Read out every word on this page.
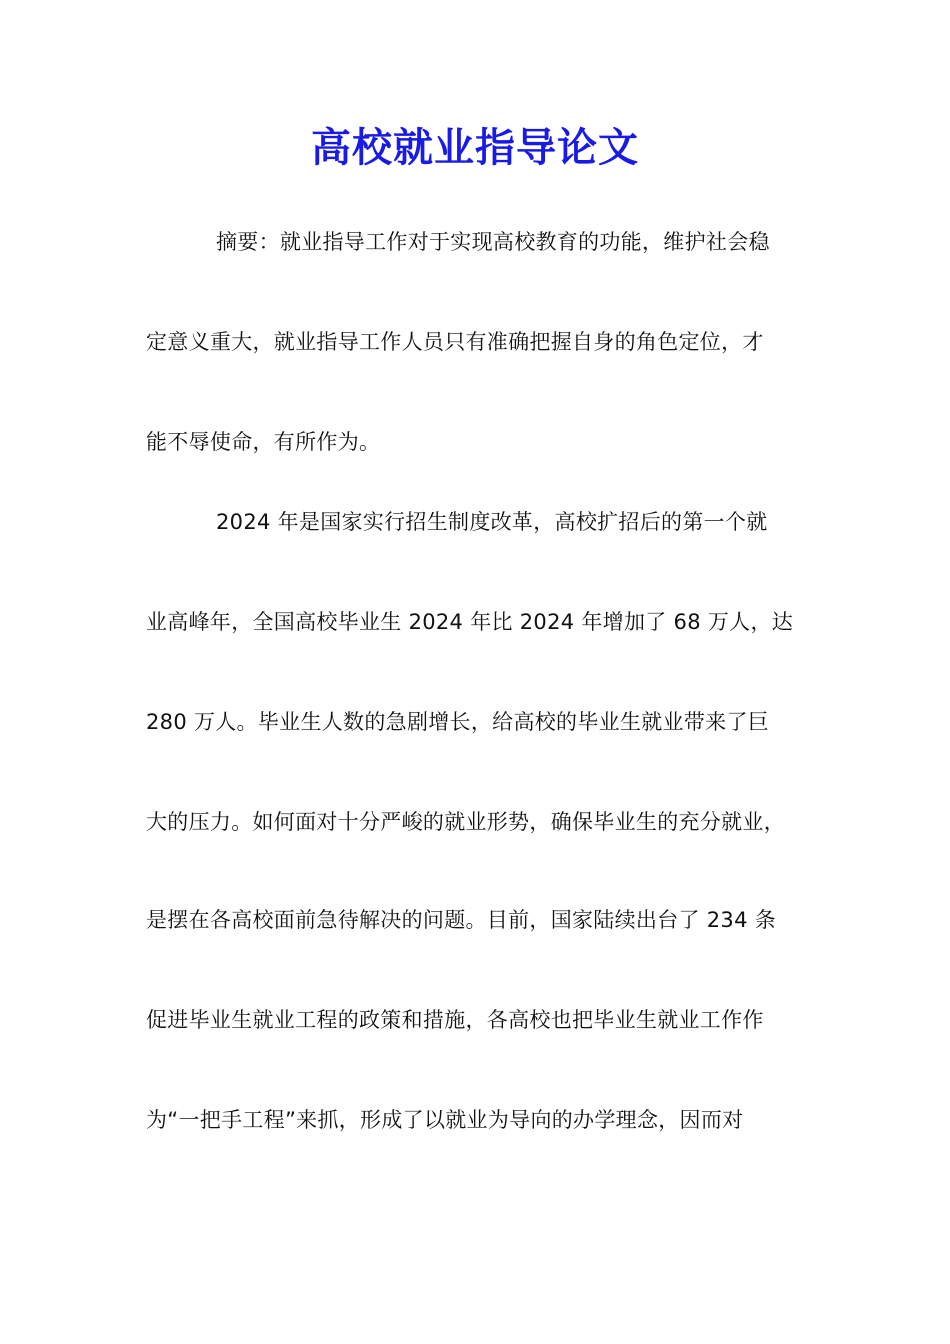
高校就业指导论文
摘要：就业指导工作对于实现高校教育的功能，维护社会稳
定意义重大，就业指导工作人员只有准确把握自身的角色定位，才
能不辱使命，有所作为。
2024 年是国家实行招生制度改革，高校扩招后的第一个就
业高峰年，全国高校毕业生 2024 年比 2024 年增加了 68 万人，达
280 万人。毕业生人数的急剧增长，给高校的毕业生就业带来了巨
大的压力。如何面对十分严峻的就业形势，确保毕业生的充分就业，
是摆在各高校面前急待解决的问题。目前，国家陆续出台了 234 条
促进毕业生就业工程的政策和措施，各高校也把毕业生就业工作作
为“一把手工程”来抓，形成了以就业为导向的办学理念，因而对
